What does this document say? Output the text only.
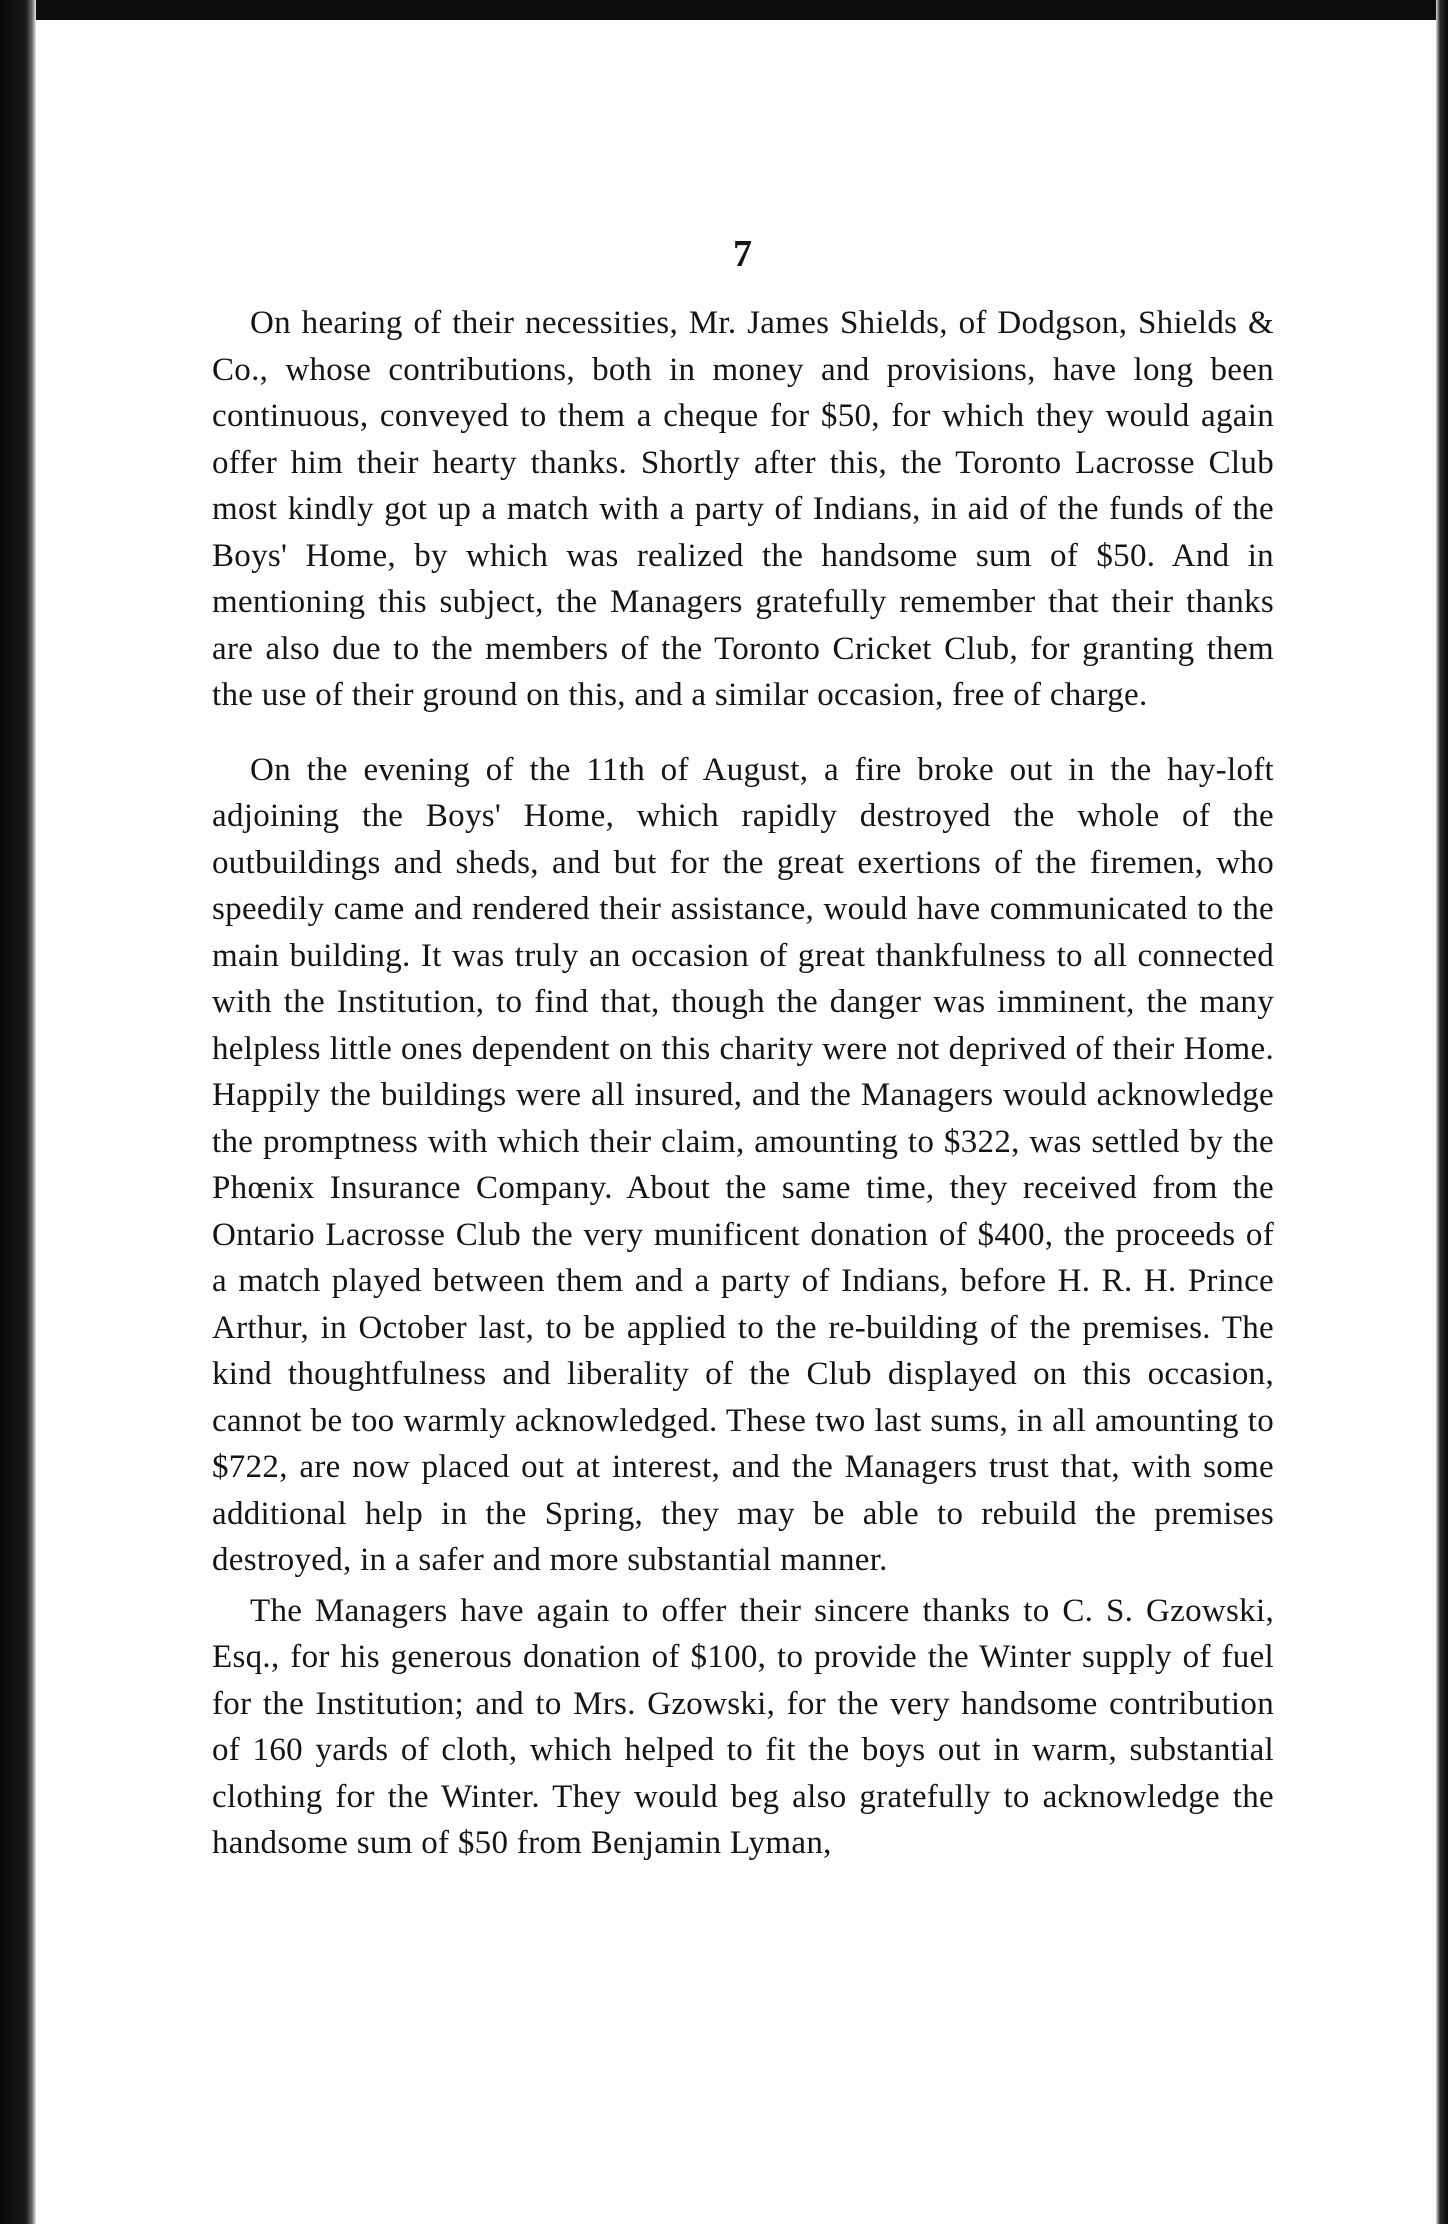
7

On hearing of their necessities, Mr. James Shields, of Dodgson, Shields & Co., whose contributions, both in money and provisions, have long been continuous, conveyed to them a cheque for $50, for which they would again offer him their hearty thanks. Shortly after this, the Toronto Lacrosse Club most kindly got up a match with a party of Indians, in aid of the funds of the Boys' Home, by which was realized the handsome sum of $50. And in mentioning this subject, the Managers gratefully remember that their thanks are also due to the members of the Toronto Cricket Club, for granting them the use of their ground on this, and a similar occasion, free of charge.

On the evening of the 11th of August, a fire broke out in the hay-loft adjoining the Boys' Home, which rapidly destroyed the whole of the outbuildings and sheds, and but for the great exertions of the firemen, who speedily came and rendered their assistance, would have communicated to the main building. It was truly an occasion of great thankfulness to all connected with the Institution, to find that, though the danger was imminent, the many helpless little ones dependent on this charity were not deprived of their Home. Happily the buildings were all insured, and the Managers would acknowledge the promptness with which their claim, amounting to $322, was settled by the Phœnix Insurance Company. About the same time, they received from the Ontario Lacrosse Club the very munificent donation of $400, the proceeds of a match played between them and a party of Indians, before H. R. H. Prince Arthur, in October last, to be applied to the re-building of the premises. The kind thoughtfulness and liberality of the Club displayed on this occasion, cannot be too warmly acknowledged. These two last sums, in all amounting to $722, are now placed out at interest, and the Managers trust that, with some additional help in the Spring, they may be able to rebuild the premises destroyed, in a safer and more substantial manner.

The Managers have again to offer their sincere thanks to C. S. Gzowski, Esq., for his generous donation of $100, to provide the Winter supply of fuel for the Institution; and to Mrs. Gzowski, for the very handsome contribution of 160 yards of cloth, which helped to fit the boys out in warm, substantial clothing for the Winter. They would beg also gratefully to acknowledge the handsome sum of $50 from Benjamin Lyman,
